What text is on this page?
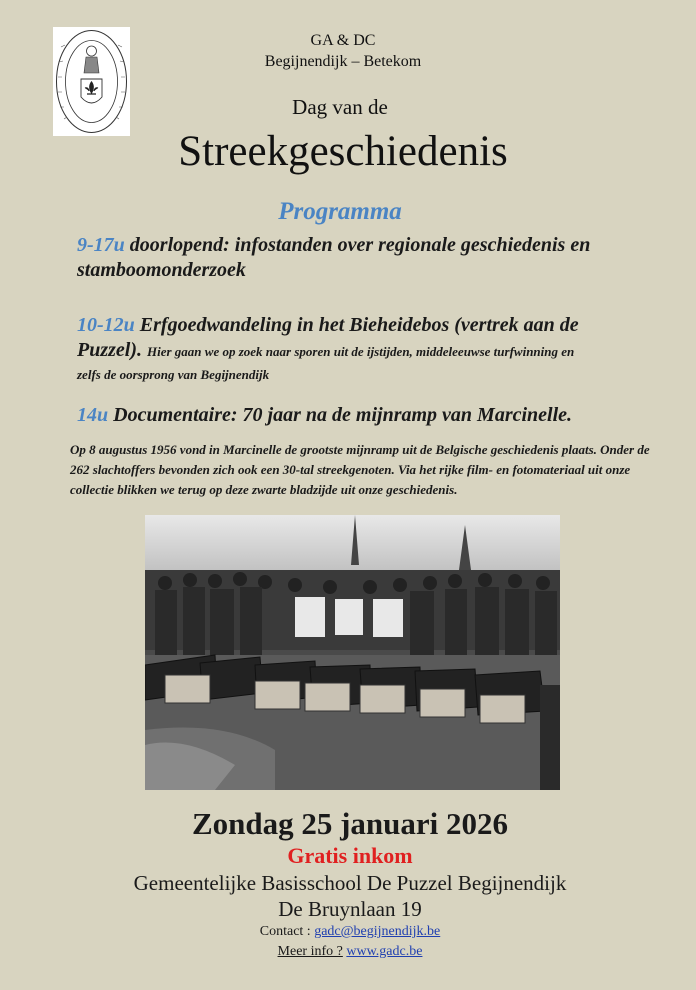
GA & DC
Begijnendijk – Betekom
Dag van de
Streekgeschiedenis
Programma
9-17u doorlopend: infostanden over regionale geschiedenis en stamboomonderzoek
10-12u Erfgoedwandeling in het Bieheidebos (vertrek aan de Puzzel). Hier gaan we op zoek naar sporen uit de ijstijden, middeleeuwse turfwinning en
zelfs de oorsprong van Begijnendijk
14u Documentaire: 70 jaar na de mijnramp van Marcinelle.
Op 8 augustus 1956 vond in Marcinelle de grootste mijnramp uit de Belgische geschiedenis plaats. Onder de 262 slachtoffers bevonden zich ook een 30-tal streekgenoten. Via het rijke film- en fotomateriaal uit onze collectie blikken we terug op deze zwarte bladzijde uit onze geschiedenis.
Zondag 25 januari 2026
Gratis inkom
Gemeentelijke Basisschool De Puzzel Begijnendijk
De Bruynlaan 19
Contact : gadc@begijnendijk.be
Meer info ? www.gadc.be
